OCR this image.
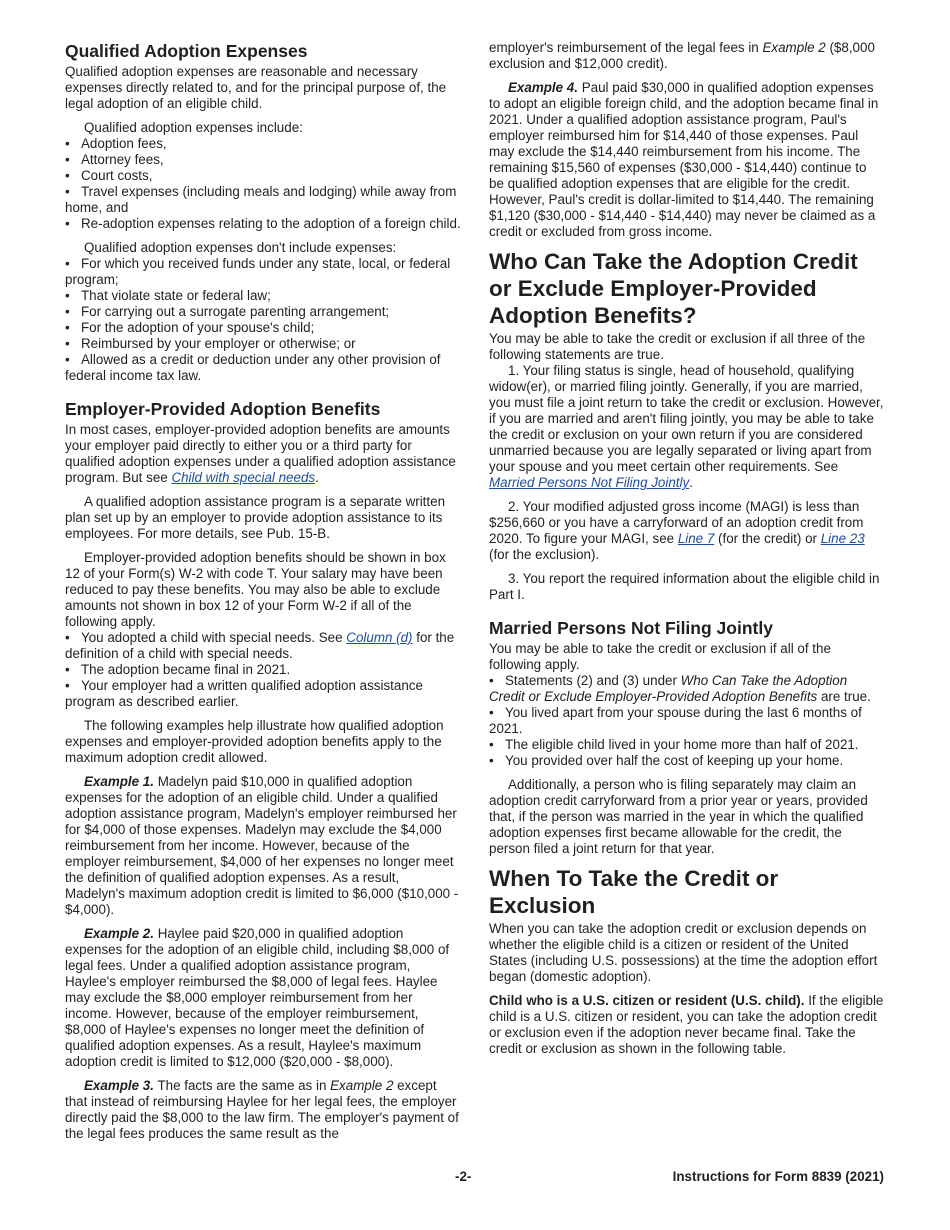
Qualified Adoption Expenses

Qualified adoption expenses are reasonable and necessary expenses directly related to, and for the principal purpose of, the legal adoption of an eligible child.

Qualified adoption expenses include:

• Adoption fees,
• Attorney fees,
• Court costs,
• Travel expenses (including meals and lodging) while away from home, and
• Re-adoption expenses relating to the adoption of a foreign child.

Qualified adoption expenses don't include expenses:

• For which you received funds under any state, local, or federal program;
• That violate state or federal law;
• For carrying out a surrogate parenting arrangement;
• For the adoption of your spouse's child;
• Reimbursed by your employer or otherwise; or
• Allowed as a credit or deduction under any other provision of federal income tax law.
Employer-Provided Adoption Benefits

In most cases, employer-provided adoption benefits are amounts your employer paid directly to either you or a third party for qualified adoption expenses under a qualified adoption assistance program. But see Child with special needs.

A qualified adoption assistance program is a separate written plan set up by an employer to provide adoption assistance to its employees. For more details, see Pub. 15-B.

Employer-provided adoption benefits should be shown in box 12 of your Form(s) W-2 with code T. Your salary may have been reduced to pay these benefits. You may also be able to exclude amounts not shown in box 12 of your Form W-2 if all of the following apply.

• You adopted a child with special needs. See Column (d) for the definition of a child with special needs.
• The adoption became final in 2021.
• Your employer had a written qualified adoption assistance program as described earlier.

The following examples help illustrate how qualified adoption expenses and employer-provided adoption benefits apply to the maximum adoption credit allowed.

Example 1. Madelyn paid $10,000 in qualified adoption expenses for the adoption of an eligible child. Under a qualified adoption assistance program, Madelyn's employer reimbursed her for $4,000 of those expenses. Madelyn may exclude the $4,000 reimbursement from her income. However, because of the employer reimbursement, $4,000 of her expenses no longer meet the definition of qualified adoption expenses. As a result, Madelyn's maximum adoption credit is limited to $6,000 ($10,000 - $4,000).

Example 2. Haylee paid $20,000 in qualified adoption expenses for the adoption of an eligible child, including $8,000 of legal fees. Under a qualified adoption assistance program, Haylee's employer reimbursed the $8,000 of legal fees. Haylee may exclude the $8,000 employer reimbursement from her income. However, because of the employer reimbursement, $8,000 of Haylee's expenses no longer meet the definition of qualified adoption expenses. As a result, Haylee's maximum adoption credit is limited to $12,000 ($20,000 - $8,000).

Example 3. The facts are the same as in Example 2 except that instead of reimbursing Haylee for her legal fees, the employer directly paid the $8,000 to the law firm. The employer's payment of the legal fees produces the same result as the

employer's reimbursement of the legal fees in Example 2 ($8,000 exclusion and $12,000 credit).

Example 4. Paul paid $30,000 in qualified adoption expenses to adopt an eligible foreign child, and the adoption became final in 2021. Under a qualified adoption assistance program, Paul's employer reimbursed him for $14,440 of those expenses. Paul may exclude the $14,440 reimbursement from his income. The remaining $15,560 of expenses ($30,000 - $14,440) continue to be qualified adoption expenses that are eligible for the credit. However, Paul's credit is dollar-limited to $14,440. The remaining $1,120 ($30,000 - $14,440 - $14,440) may never be claimed as a credit or excluded from gross income.

Who Can Take the Adoption Credit or Exclude Employer-Provided Adoption Benefits?

You may be able to take the credit or exclusion if all three of the following statements are true.

1. Your filing status is single, head of household, qualifying widow(er), or married filing jointly. Generally, if you are married, you must file a joint return to take the credit or exclusion. However, if you are married and aren't filing jointly, you may be able to take the credit or exclusion on your own return if you are considered unmarried because you are legally separated or living apart from your spouse and you meet certain other requirements. See Married Persons Not Filing Jointly.

2. Your modified adjusted gross income (MAGI) is less than $256,660 or you have a carryforward of an adoption credit from 2020. To figure your MAGI, see Line 7 (for the credit) or Line 23 (for the exclusion).

3. You report the required information about the eligible child in Part I.

Married Persons Not Filing Jointly

You may be able to take the credit or exclusion if all of the following apply.

• Statements (2) and (3) under Who Can Take the Adoption Credit or Exclude Employer-Provided Adoption Benefits are true.
• You lived apart from your spouse during the last 6 months of 2021.
• The eligible child lived in your home more than half of 2021.
• You provided over half the cost of keeping up your home.

Additionally, a person who is filing separately may claim an adoption credit carryforward from a prior year or years, provided that, if the person was married in the year in which the qualified adoption expenses first became allowable for the credit, the person filed a joint return for that year.

When To Take the Credit or Exclusion

When you can take the adoption credit or exclusion depends on whether the eligible child is a citizen or resident of the United States (including U.S. possessions) at the time the adoption effort began (domestic adoption).

Child who is a U.S. citizen or resident (U.S. child). If the eligible child is a U.S. citizen or resident, you can take the adoption credit or exclusion even if the adoption never became final. Take the credit or exclusion as shown in the following table.

-2-	Instructions for Form 8839 (2021)
